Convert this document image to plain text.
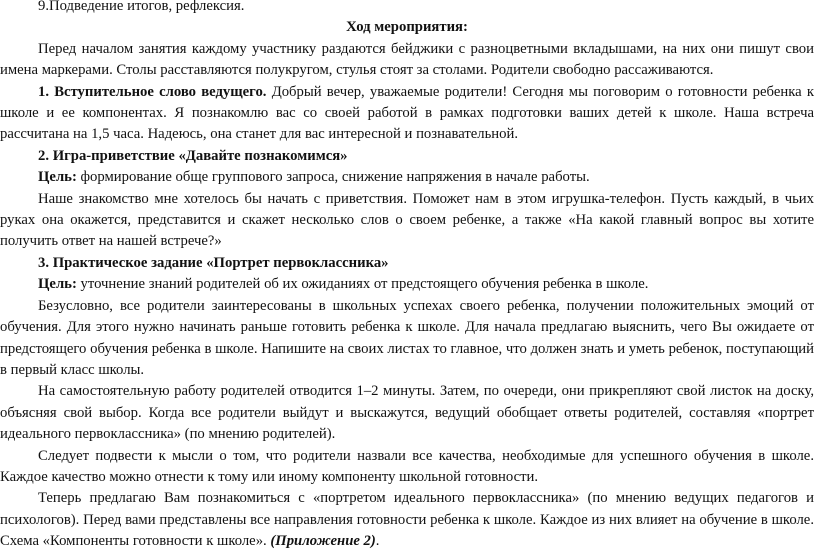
9.Подведение итогов, рефлексия.

Ход мероприятия:

Перед началом занятия каждому участнику раздаются бейджики с разноцветными вкладышами, на них они пишут свои имена маркерами. Столы расставляются полукругом, стулья стоят за столами. Родители свободно рассаживаются.

1. Вступительное слово ведущего. Добрый вечер, уважаемые родители! Сегодня мы поговорим о готовности ребенка к школе и ее компонентах. Я познакомлю вас со своей работой в рамках подготовки ваших детей к школе. Наша встреча рассчитана на 1,5 часа. Надеюсь, она станет для вас интересной и познавательной.

2. Игра-приветствие «Давайте познакомимся»

Цель: формирование обще группового запроса, снижение напряжения в начале работы.

Наше знакомство мне хотелось бы начать с приветствия. Поможет нам в этом игрушка-телефон. Пусть каждый, в чьих руках она окажется, представится и скажет несколько слов о своем ребенке, а также «На какой главный вопрос вы хотите получить ответ на нашей встрече?»

3. Практическое задание «Портрет первоклассника»

Цель: уточнение знаний родителей об их ожиданиях от предстоящего обучения ребенка в школе.

Безусловно, все родители заинтересованы в школьных успехах своего ребенка, получении положительных эмоций от обучения. Для этого нужно начинать раньше готовить ребенка к школе. Для начала предлагаю выяснить, чего Вы ожидаете от предстоящего обучения ребенка в школе. Напишите на своих листах то главное, что должен знать и уметь ребенок, поступающий в первый класс школы.

На самостоятельную работу родителей отводится 1–2 минуты. Затем, по очереди, они прикрепляют свой листок на доску, объясняя свой выбор. Когда все родители выйдут и выскажутся, ведущий обобщает ответы родителей, составляя «портрет идеального первоклассника» (по мнению родителей).

Следует подвести к мысли о том, что родители назвали все качества, необходимые для успешного обучения в школе. Каждое качество можно отнести к тому или иному компоненту школьной готовности.

Теперь предлагаю Вам познакомиться с «портретом идеального первоклассника» (по мнению ведущих педагогов и психологов). Перед вами представлены все направления готовности ребенка к школе. Каждое из них влияет на обучение в школе. Схема «Компоненты готовности к школе». (Приложение 2).
